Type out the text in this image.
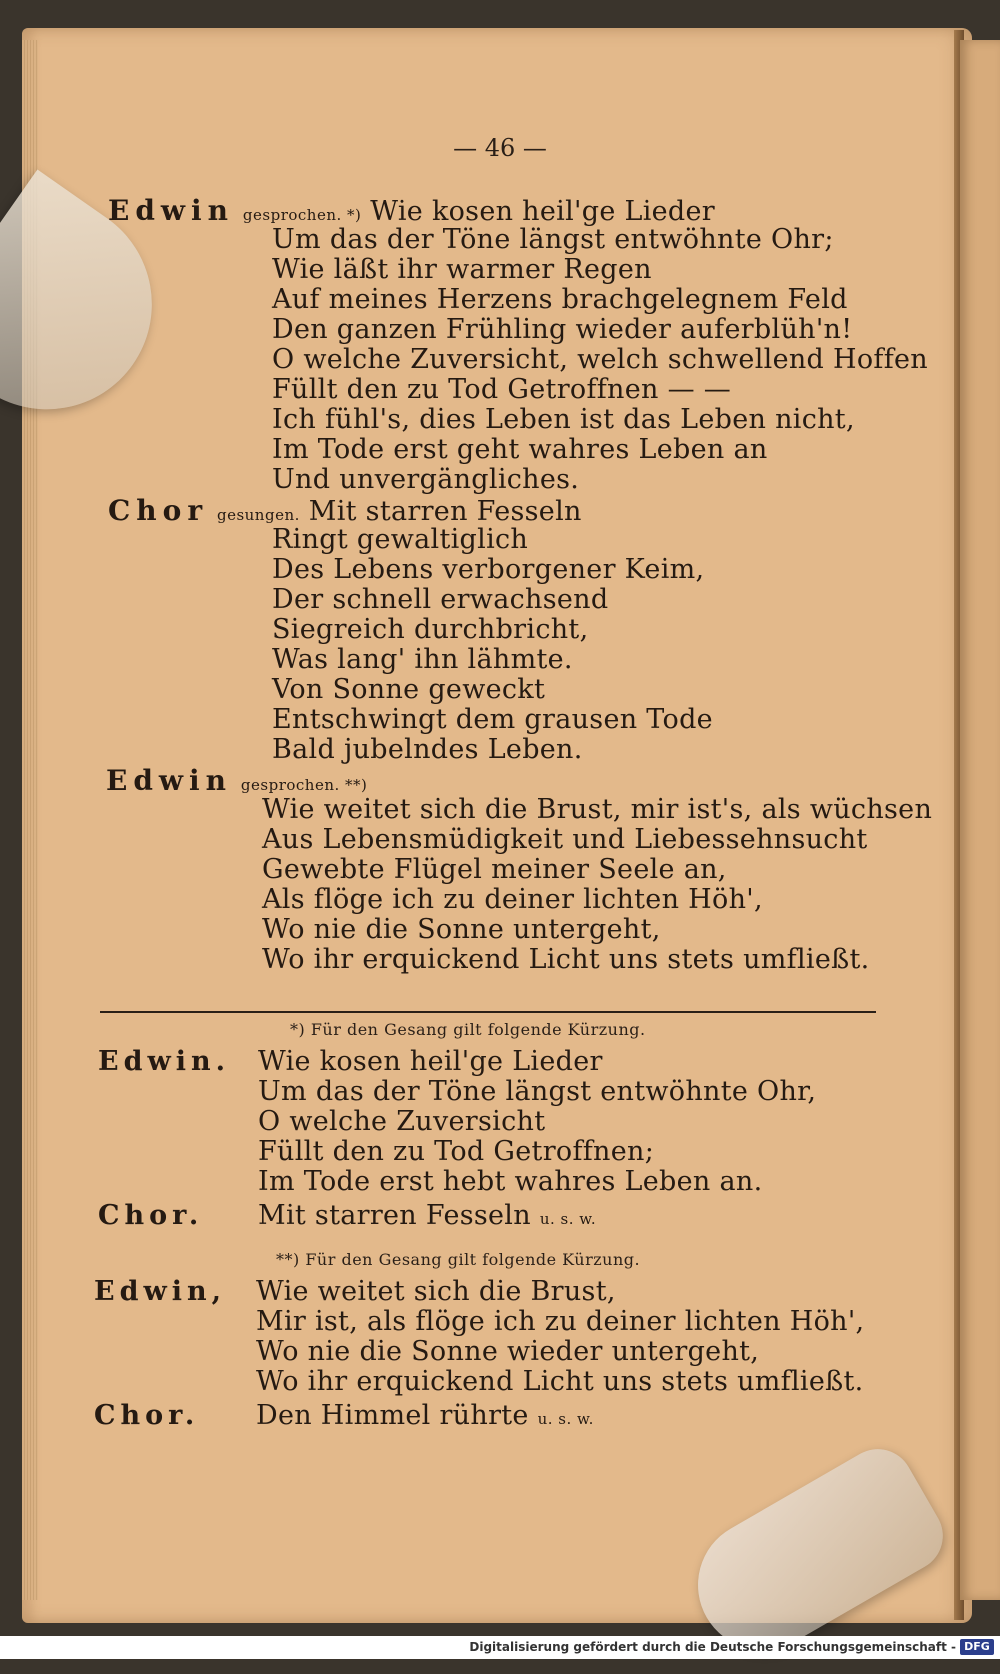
— 46 —
Edwin gesprochen. *) Wie kosen heil'ge Lieder
Um das der Töne längst entwöhnte Ohr;
Wie läßt ihr warmer Regen
Auf meines Herzens brachgelegnem Feld
Den ganzen Frühling wieder auferblüh'n!
O welche Zuversicht, welch schwellend Hoffen
Füllt den zu Tod Getroffnen — —
Ich fühl's, dies Leben ist das Leben nicht,
Im Tode erst geht wahres Leben an
Und unvergängliches.
Chor gesungen. Mit starren Fesseln
Ringt gewaltiglich
Des Lebens verborgener Keim,
Der schnell erwachsend
Siegreich durchbricht,
Was lang' ihn lähmte.
Von Sonne geweckt
Entschwingt dem grausen Tode
Bald jubelndes Leben.
Edwin gesprochen. **)
Wie weitet sich die Brust, mir ist's, als wüchsen
Aus Lebensmüdigkeit und Liebessehnsucht
Gewebte Flügel meiner Seele an,
Als flöge ich zu deiner lichten Höh',
Wo nie die Sonne untergeht,
Wo ihr erquickend Licht uns stets umfließt.
*) Für den Gesang gilt folgende Kürzung.
Edwin. Wie kosen heil'ge Lieder
Um das der Töne längst entwöhnte Ohr,
O welche Zuversicht
Füllt den zu Tod Getroffnen;
Im Tode erst hebt wahres Leben an.
Chor. Mit starren Fesseln u. s. w.
**) Für den Gesang gilt folgende Kürzung.
Edwin, Wie weitet sich die Brust,
Mir ist, als flöge ich zu deiner lichten Höh',
Wo nie die Sonne wieder untergeht,
Wo ihr erquickend Licht uns stets umfließt.
Chor. Den Himmel rührte u. s. w.
Digitalisierung gefördert durch die Deutsche Forschungsgemeinschaft - DFG
